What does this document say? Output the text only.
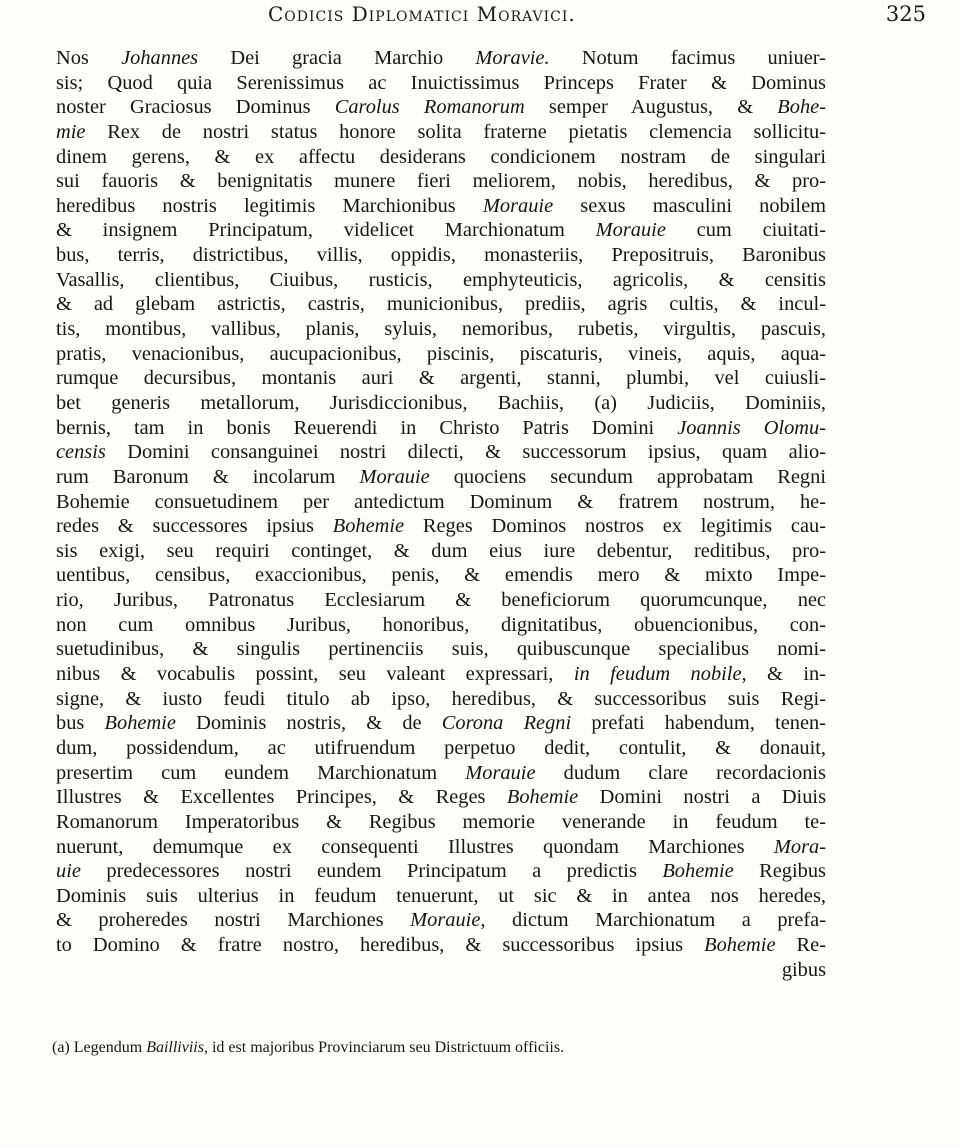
Codicis Diplomatici Moravici.	325
Nos Johannes Dei gracia Marchio Moravie. Notum facimus uniuer-
sis; Quod quia Serenissimus ac Inuictissimus Princeps Frater & Dominus
noster Graciosus Dominus Carolus Romanorum semper Augustus, & Bohe-
mie Rex de nostri status honore solita fraterne pietatis clemencia sollicitu-
dinem gerens, & ex affectu desiderans condicionem nostram de singulari
sui fauoris & benignitatis munere fieri meliorem, nobis, heredibus, & pro-
heredibus nostris legitimis Marchionibus Morauie sexus masculini nobilem
& insignem Principatum, videlicet Marchionatum Morauie cum ciuitati-
bus, terris, districtibus, villis, oppidis, monasteriis, Prepositruis, Baronibus
Vasallis, clientibus, Ciuibus, rusticis, emphyteuticis, agricolis, & censitis
& ad glebam astrictis, castris, municionibus, prediis, agris cultis, & incul-
tis, montibus, vallibus, planis, syluis, nemoribus, rubetis, virgultis, pascuis,
pratis, venacionibus, aucupacionibus, piscinis, piscaturis, vineis, aquis, aqua-
rumque decursibus, montanis auri & argenti, stanni, plumbi, vel cuiusli-
bet generis metallorum, Jurisdiccionibus, Bachiis, (a) Judiciis, Dominiis,
bernis, tam in bonis Reuerendi in Christo Patris Domini Joannis Olomu-
censis Domini consanguinei nostri dilecti, & successorum ipsius, quam alio-
rum Baronum & incolarum Morauie quociens secundum approbatam Regni
Bohemie consuetudinem per antedictum Dominum & fratrem nostrum, he-
redes & successores ipsius Bohemie Reges Dominos nostros ex legitimis cau-
sis exigi, seu requiri continget, & dum eius iure debentur, reditibus, pro-
uentibus, censibus, exaccionibus, penis, & emendis mero & mixto Impe-
rio, Juribus, Patronatus Ecclesiarum & beneficiorum quorumcunque, nec
non cum omnibus Juribus, honoribus, dignitatibus, obuencionibus, con-
suetudinibus, & singulis pertinenciis suis, quibuscunque specialibus nomi-
nibus & vocabulis possint, seu valeant expressari, in feudum nobile, & in-
signe, & iusto feudi titulo ab ipso, heredibus, & successoribus suis Regi-
bus Bohemie Dominis nostris, & de Corona Regni prefati habendum, tenen-
dum, possidendum, ac utifruendum perpetuo dedit, contulit, & donauit,
presertim cum eundem Marchionatum Morauie dudum clare recordacionis
Illustres & Excellentes Principes, & Reges Bohemie Domini nostri a Diuis
Romanorum Imperatoribus & Regibus memorie venerande in feudum te-
nuerunt, demumque ex consequenti Illustres quondam Marchiones Mora-
uie predecessores nostri eundem Principatum a predictis Bohemie Regibus
Dominis suis ulterius in feudum tenuerunt, ut sic & in antea nos heredes,
& proheredes nostri Marchiones Morauie, dictum Marchionatum a prefa-
to Domino & fratre nostro, heredibus, & successoribus ipsius Bohemie Re-
gibus
(a) Legendum Bailliviis, id est majoribus Provinciarum seu Districtuum officiis.
